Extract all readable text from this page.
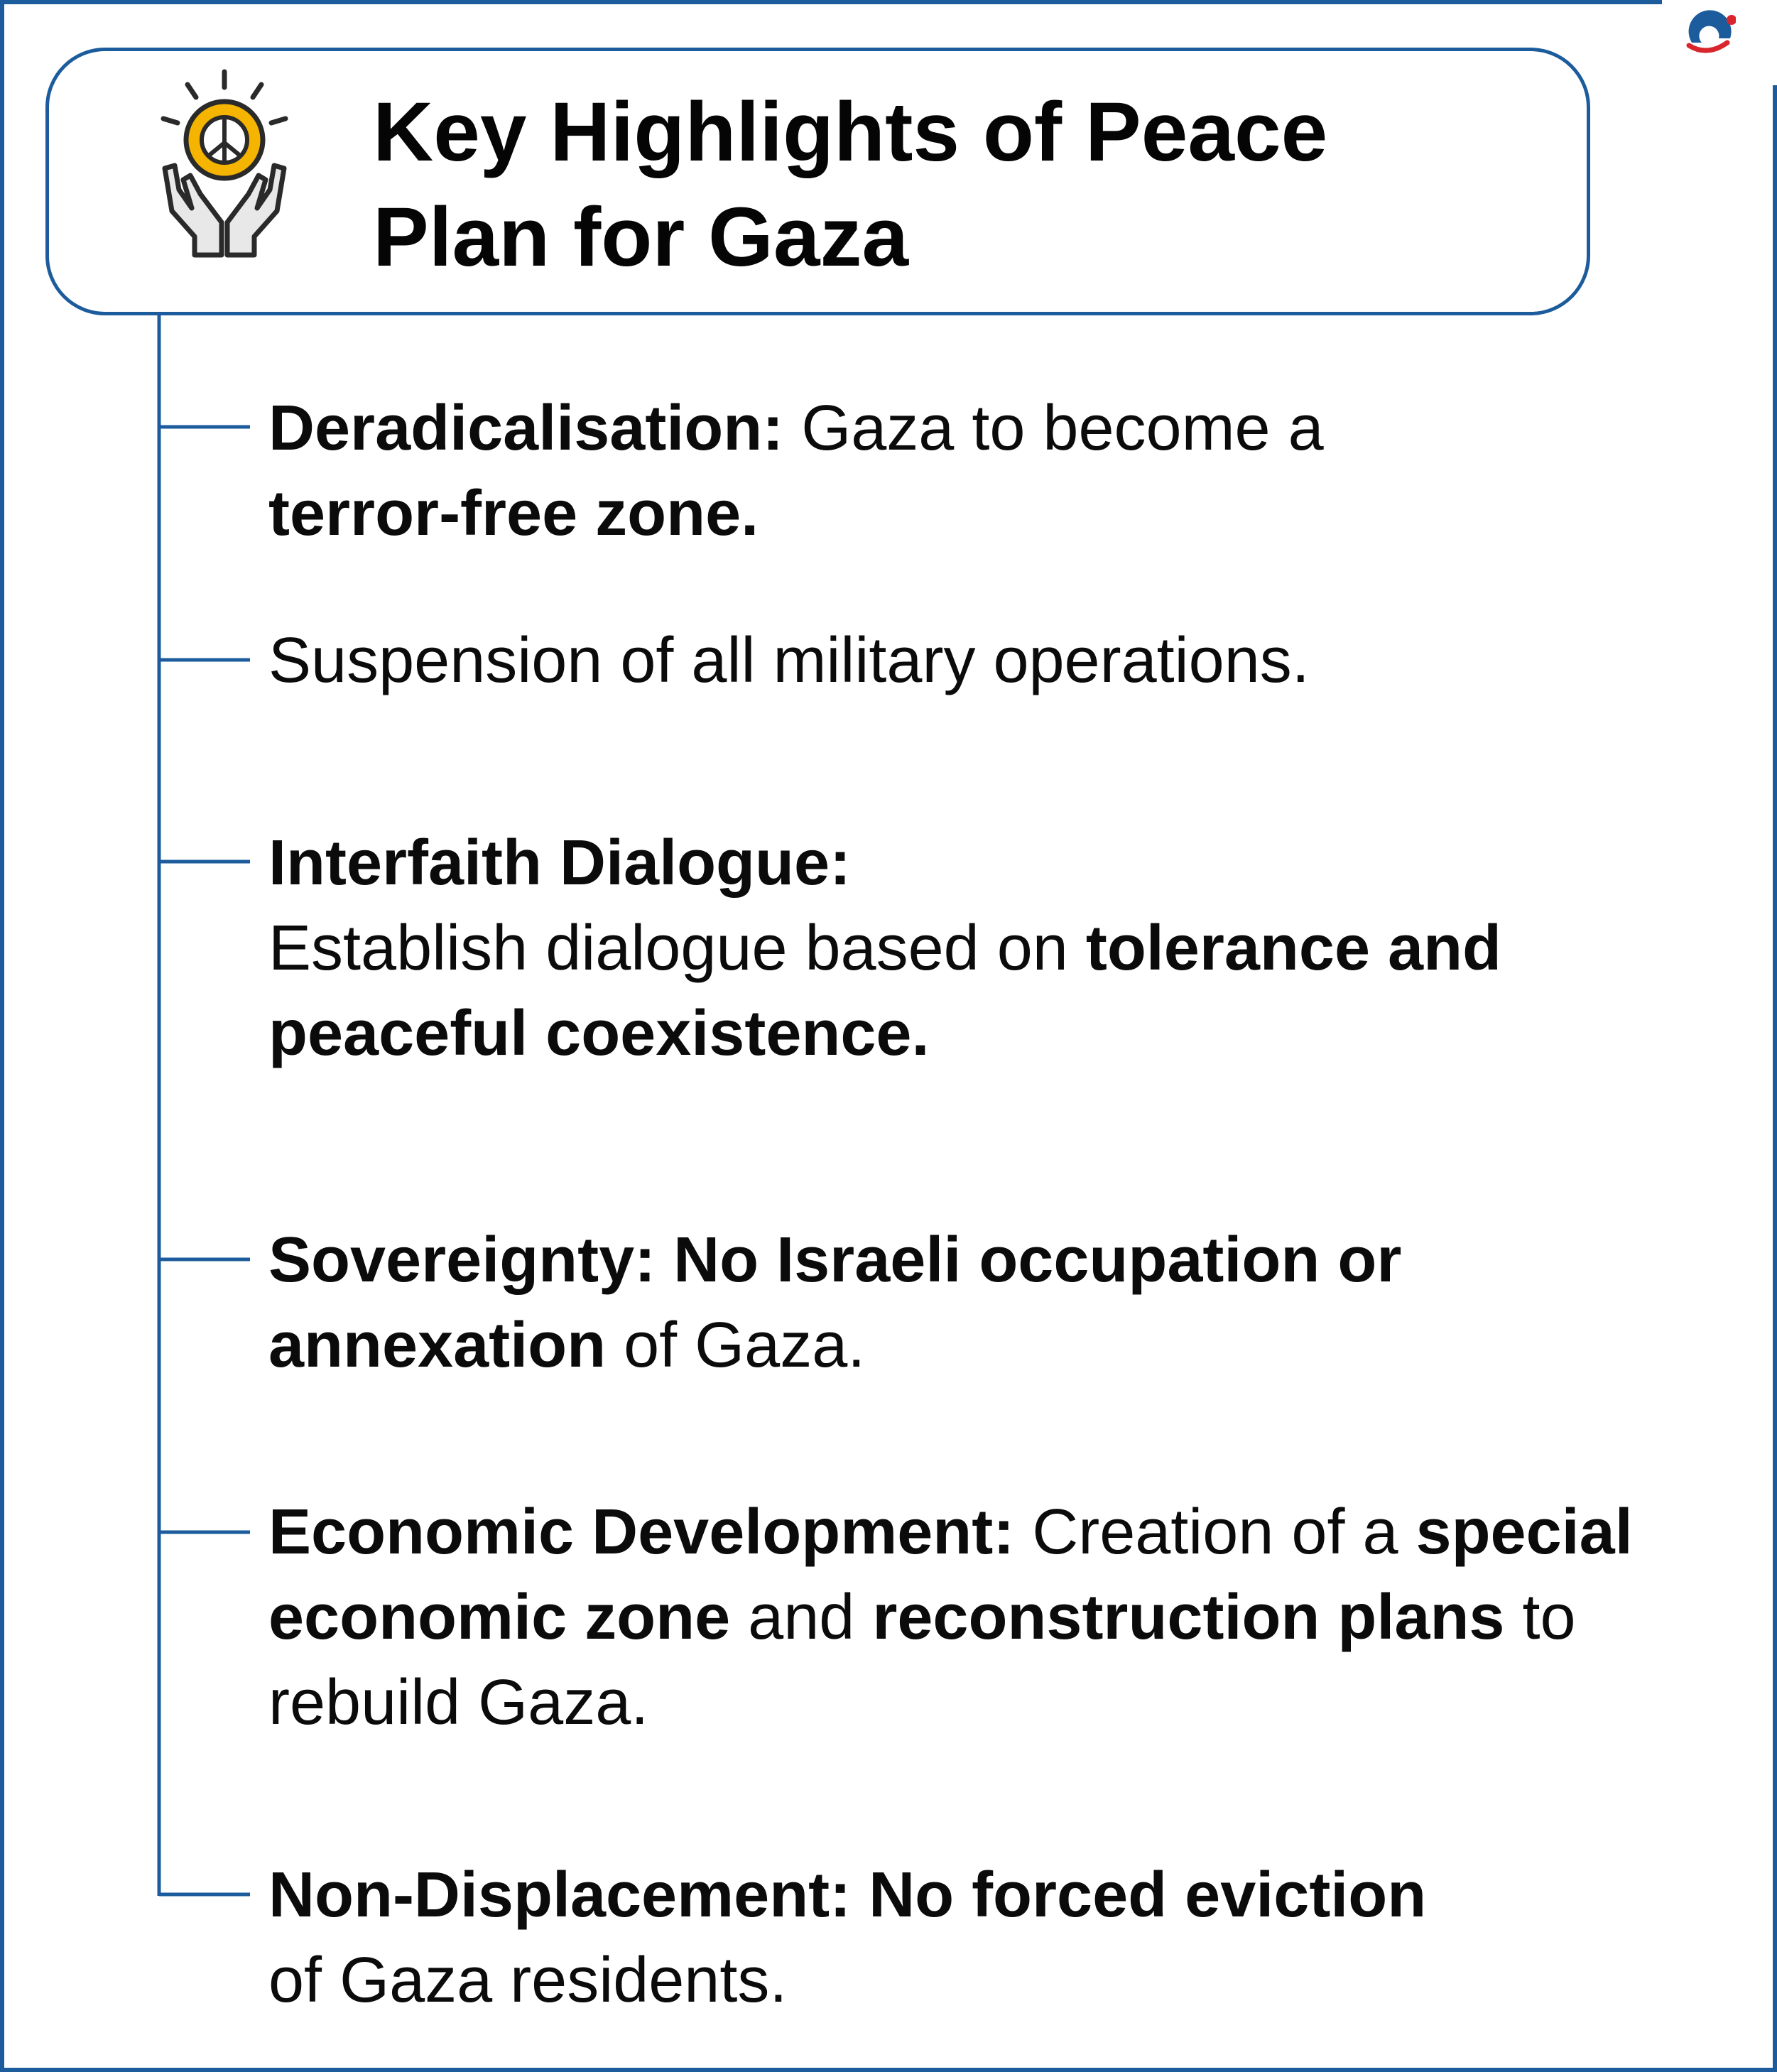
Key Highlights of Peace
Plan for Gaza

Deradicalisation: Gaza to become a
terror-free zone.

Suspension of all military operations.

Interfaith Dialogue:
Establish dialogue based on tolerance and peaceful coexistence.

Sovereignty: No Israeli occupation or annexation of Gaza.

Economic Development: Creation of a special economic zone and reconstruction plans to rebuild Gaza.

Non-Displacement: No forced eviction
of Gaza residents.
